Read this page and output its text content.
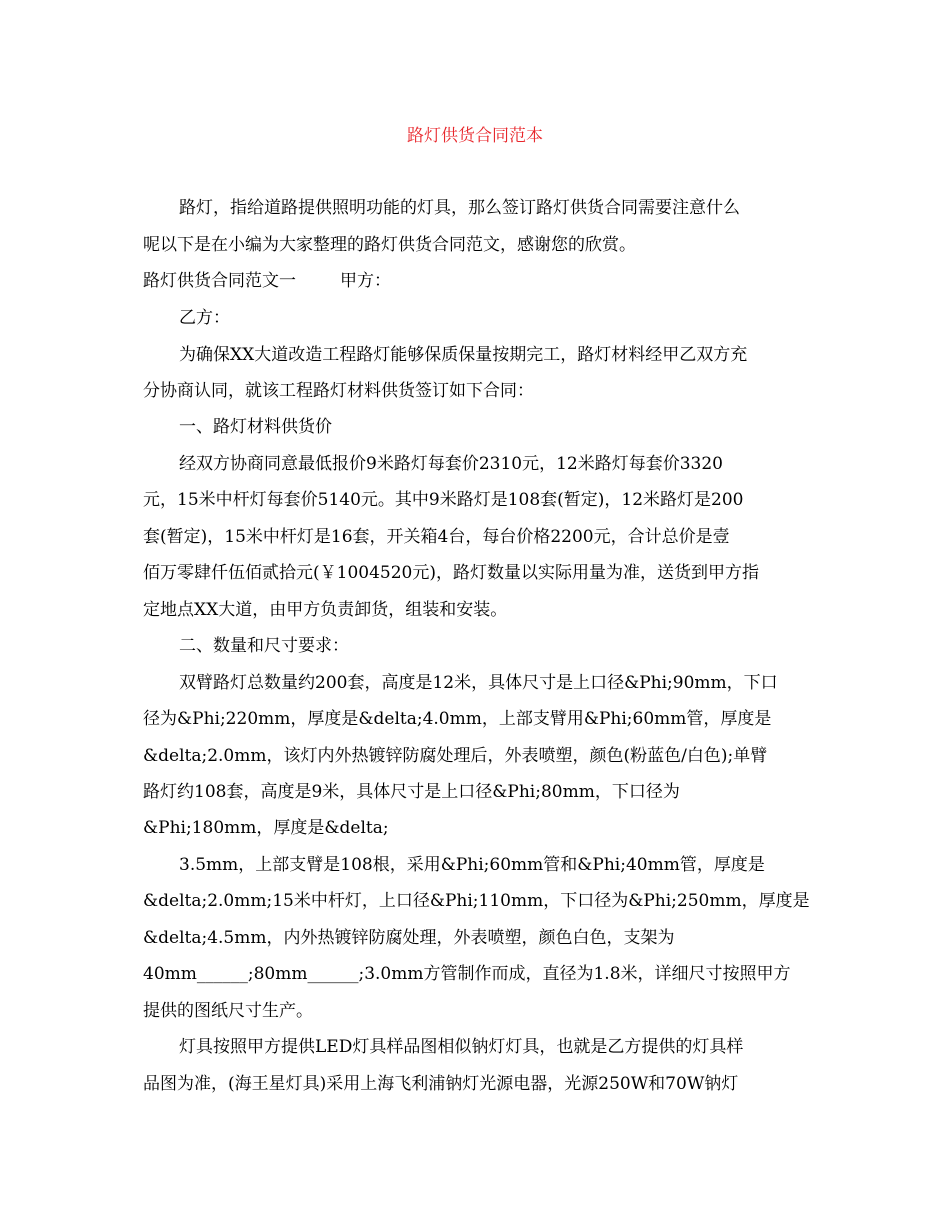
路灯供货合同范本
路灯，指给道路提供照明功能的灯具，那么签订路灯供货合同需要注意什么
呢以下是在小编为大家整理的路灯供货合同范文，感谢您的欣赏。
路灯供货合同范文一	甲方：
乙方：
为确保XX大道改造工程路灯能够保质保量按期完工，路灯材料经甲乙双方充
分协商认同，就该工程路灯材料供货签订如下合同：
一、路灯材料供货价
经双方协商同意最低报价9米路灯每套价2310元，12米路灯每套价3320
元，15米中杆灯每套价5140元。其中9米路灯是108套(暂定)，12米路灯是200
套(暂定)，15米中杆灯是16套，开关箱4台，每台价格2200元，合计总价是壹
佰万零肆仟伍佰贰拾元(￥1004520元)，路灯数量以实际用量为准，送货到甲方指
定地点XX大道，由甲方负责卸货，组装和安装。
二、数量和尺寸要求：
双臂路灯总数量约200套，高度是12米，具体尺寸是上口径&Phi;90mm，下口
径为&Phi;220mm，厚度是&delta;4.0mm，上部支臂用&Phi;60mm管，厚度是
&delta;2.0mm，该灯内外热镀锌防腐处理后，外表喷塑，颜色(粉蓝色/白色);单臂
路灯约108套，高度是9米，具体尺寸是上口径&Phi;80mm，下口径为
&Phi;180mm，厚度是&delta;
3.5mm，上部支臂是108根，采用&Phi;60mm管和&Phi;40mm管，厚度是
&delta;2.0mm;15米中杆灯，上口径&Phi;110mm，下口径为&Phi;250mm，厚度是
&delta;4.5mm，内外热镀锌防腐处理，外表喷塑，颜色白色，支架为
40mm______;80mm______;3.0mm方管制作而成，直径为1.8米，详细尺寸按照甲方
提供的图纸尺寸生产。
灯具按照甲方提供LED灯具样品图相似钠灯灯具，也就是乙方提供的灯具样
品图为准，(海王星灯具)采用上海飞利浦钠灯光源电器，光源250W和70W钠灯
